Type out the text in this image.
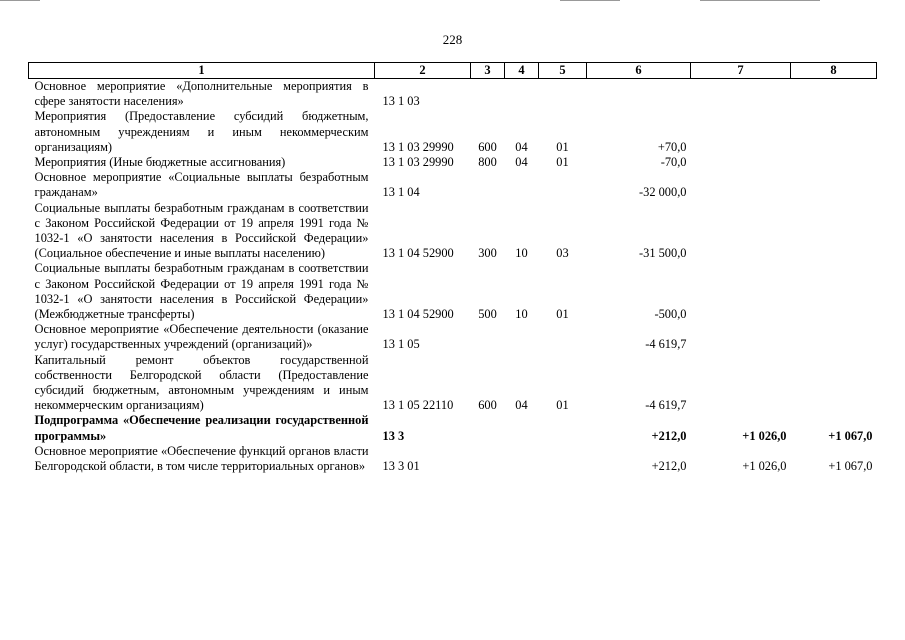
228
1	2	3	4	5	6	7	8
Основное мероприятие «Дополнительные мероприятия в сфере занятости населения»	13 1 03						
Мероприятия (Предоставление субсидий бюджетным, автономным учреждениям и иным некоммерческим организациям)	13 1 03 29990	600	04	01	+70,0		
Мероприятия (Иные бюджетные ассигнования)	13 1 03 29990	800	04	01	-70,0		
Основное мероприятие «Социальные выплаты безработным гражданам»	13 1 04				-32 000,0		
Социальные выплаты безработным гражданам в соответствии с Законом Российской Федерации от 19 апреля 1991 года № 1032-1 «О занятости населения в Российской Федерации» (Социальное обеспечение и иные выплаты населению)	13 1 04 52900	300	10	03	-31 500,0		
Социальные выплаты безработным гражданам в соответствии с Законом Российской Федерации от 19 апреля 1991 года № 1032-1 «О занятости населения в Российской Федерации» (Межбюджетные трансферты)	13 1 04 52900	500	10	01	-500,0		
Основное мероприятие «Обеспечение деятельности (оказание услуг) государственных учреждений (организаций)»	13 1 05				-4 619,7		
Капитальный ремонт объектов государственной собственности Белгородской области (Предоставление субсидий бюджетным, автономным учреждениям и иным некоммерческим организациям)	13 1 05 22110	600	04	01	-4 619,7		
Подпрограмма «Обеспечение реализации государственной программы»	13 3				+212,0	+1 026,0	+1 067,0
Основное мероприятие «Обеспечение функций органов власти Белгородской области, в том числе территориальных органов»	13 3 01				+212,0	+1 026,0	+1 067,0
